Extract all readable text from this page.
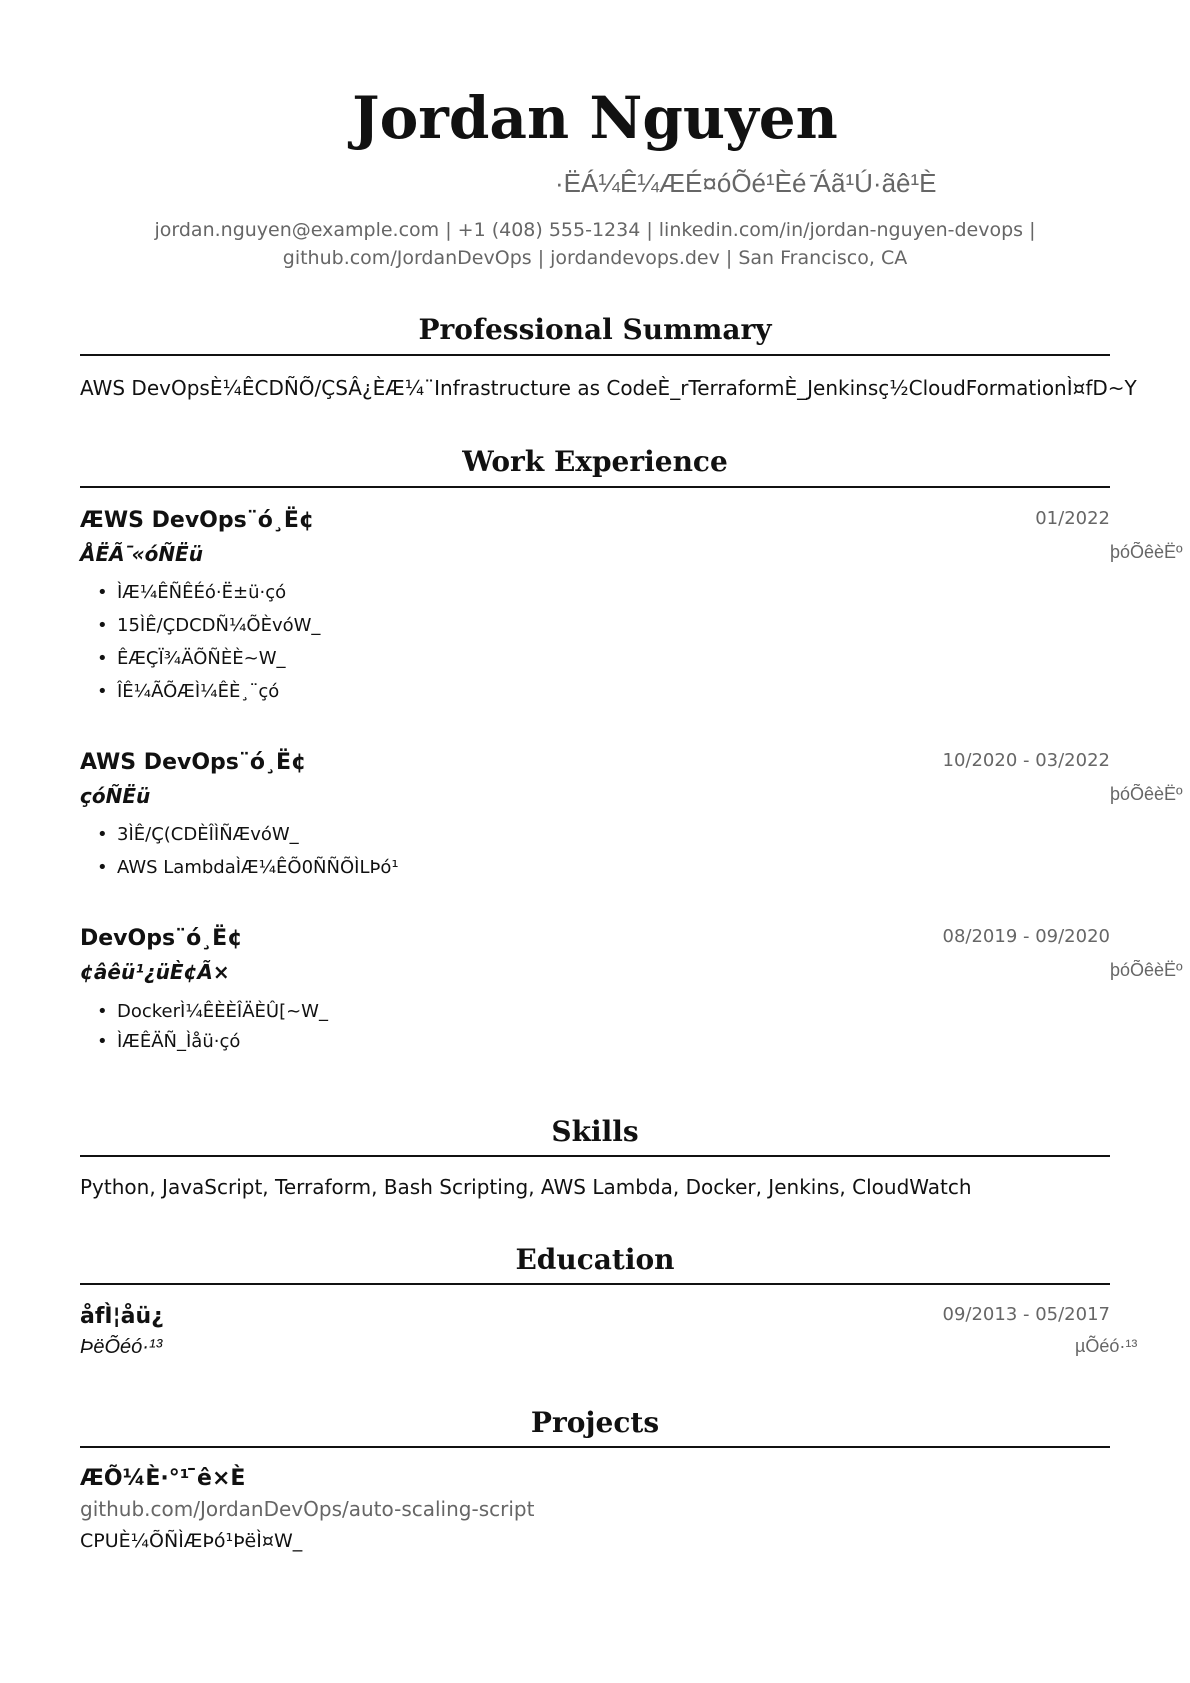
Jordan Nguyen
·ËÁ¼Ê¼ÆÉ¤óÕé¹Èé ̄Áã¹Ú·ãê¹È
jordan.nguyen@example.com | +1 (408) 555-1234 | linkedin.com/in/jordan-nguyen-devops |
github.com/JordanDevOps | jordandevops.dev | San Francisco, CA
Professional Summary
AWS DevOpsÈ¼ÊCDÑÕ/ÇSÂ¿ÈÆ¼¨Infrastructure as CodeÈ_rTerraformÈ_Jenkinsç½CloudFormationÌ¤fD~Y
Work Experience
ÆWS DevOps¨ó¸Ë¢	01/2022
ÅËÃ ̄«óÑËü	þóÕêèËº
• ÌÆ¼ÊÑÊÉó·Ë±ü·çó
• 15ÌÊ/ÇDCDÑ¼ÕÈvóW_
• ÊÆÇÏ¾ÄÕÑÈÈ~W_
• ÎÊ¼ÃÕÆÌ¼ÊÈ¸¨çó
AWS DevOps¨ó¸Ë¢	10/2020 - 03/2022
çóÑËü	þóÕêèËº
• 3ÌÊ/Ç(CDÈÎÌÑÆvóW_
• AWS LambdaÌÆ¼ÊÕ0ÑÑÕÌLÞó¹
DevOps¨ó¸Ë¢	08/2019 - 09/2020
¢âêü¹¿üÈ¢Ã×	þóÕêèËº
• DockerÌ¼ÊÈÈÎÄÈÛ[~W_
• ÌÆÊÄÑ_Ìåü·çó
Skills
Python, JavaScript, Terraform, Bash Scripting, AWS Lambda, Docker, Jenkins, CloudWatch
Education
åfÌ¦åü¿	09/2013 - 05/2017
ÞëÕéó·¹³	µÕéó·¹³
Projects
ÆÕ¼È·°¹ ̄ê×È
github.com/JordanDevOps/auto-scaling-script
CPUÈ¼ÕÑÌÆÞó¹ÞëÌ¤W_
